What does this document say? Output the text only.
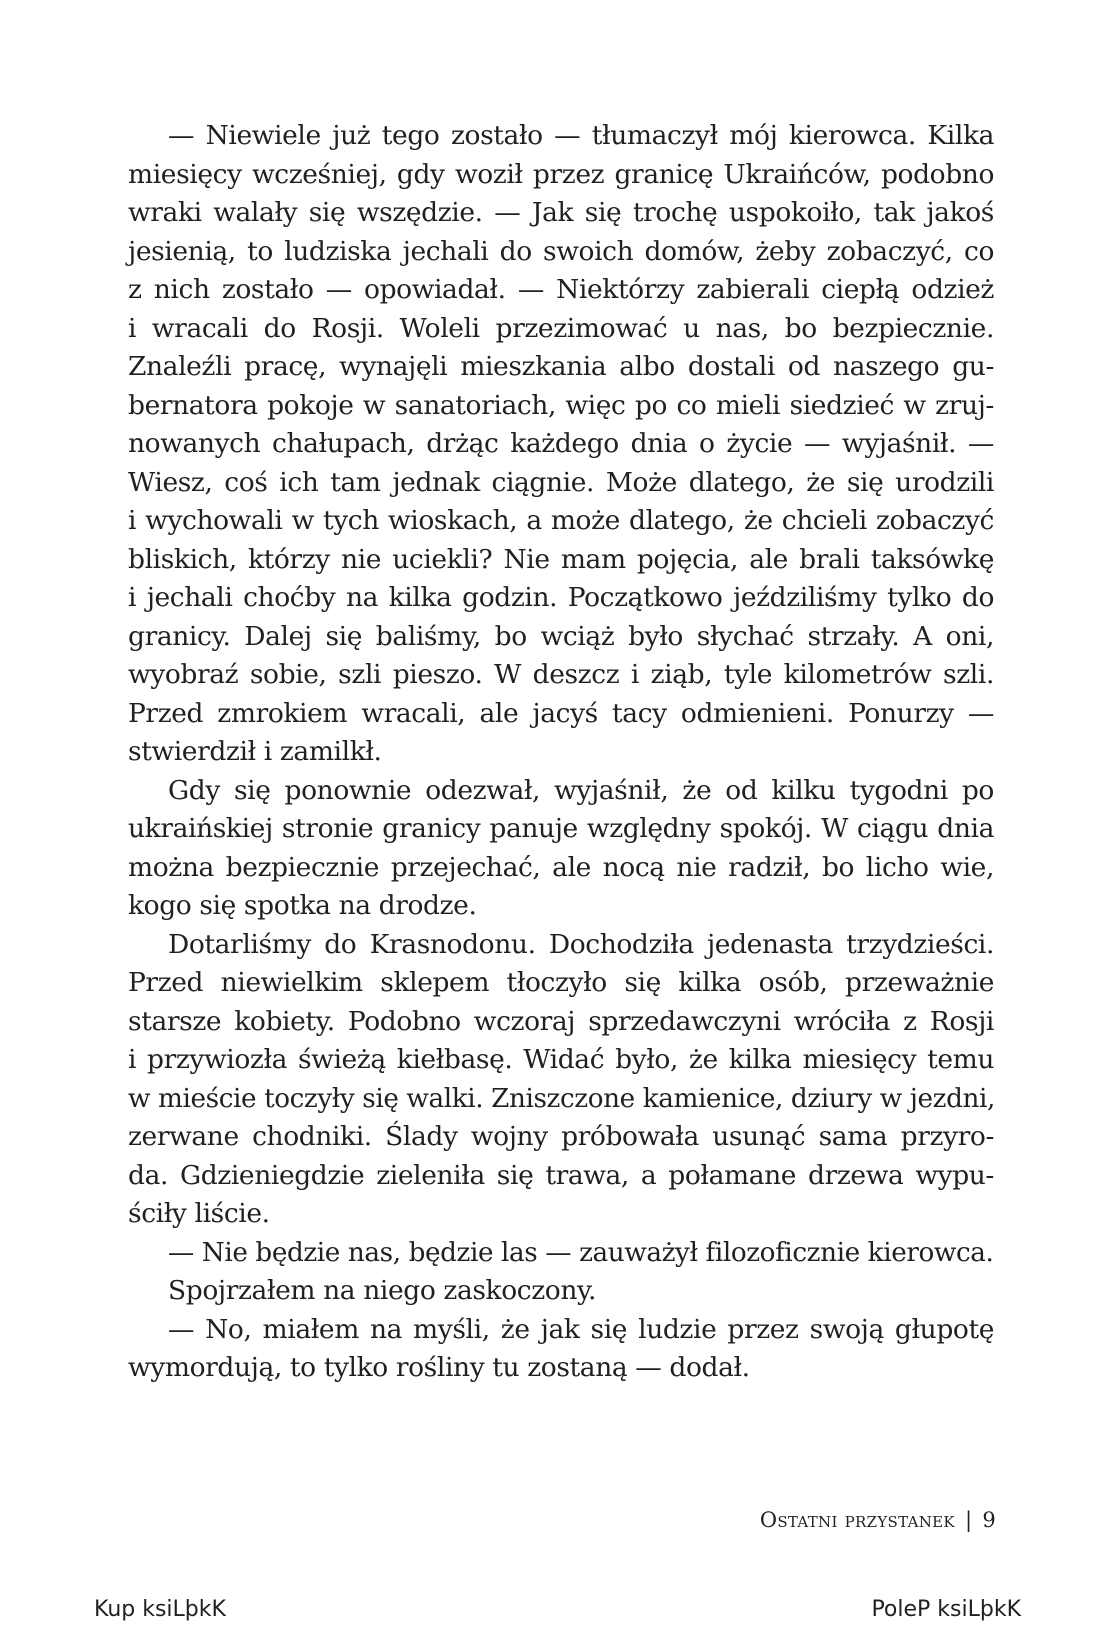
— Niewiele już tego zostało — tłumaczył mój kierowca. Kilka
miesięcy wcześniej, gdy woził przez granicę Ukraińców, podobno
wraki walały się wszędzie. — Jak się trochę uspokoiło, tak jakoś
jesienią, to ludziska jechali do swoich domów, żeby zobaczyć, co
z nich zostało — opowiadał. — Niektórzy zabierali ciepłą odzież
i wracali do Rosji. Woleli przezimować u nas, bo bezpiecznie.
Znaleźli pracę, wynajęli mieszkania albo dostali od naszego gu-
bernatora pokoje w sanatoriach, więc po co mieli siedzieć w zruj-
nowanych chałupach, drżąc każdego dnia o życie — wyjaśnił. —
Wiesz, coś ich tam jednak ciągnie. Może dlatego, że się urodzili
i wychowali w tych wioskach, a może dlatego, że chcieli zobaczyć
bliskich, którzy nie uciekli? Nie mam pojęcia, ale brali taksówkę
i jechali choćby na kilka godzin. Początkowo jeździliśmy tylko do
granicy. Dalej się baliśmy, bo wciąż było słychać strzały. A oni,
wyobraź sobie, szli pieszo. W deszcz i ziąb, tyle kilometrów szli.
Przed zmrokiem wracali, ale jacyś tacy odmienieni. Ponurzy —
stwierdził i zamilkł.
Gdy się ponownie odezwał, wyjaśnił, że od kilku tygodni po
ukraińskiej stronie granicy panuje względny spokój. W ciągu dnia
można bezpiecznie przejechać, ale nocą nie radził, bo licho wie,
kogo się spotka na drodze.
Dotarliśmy do Krasnodonu. Dochodziła jedenasta trzydzieści.
Przed niewielkim sklepem tłoczyło się kilka osób, przeważnie
starsze kobiety. Podobno wczoraj sprzedawczyni wróciła z Rosji
i przywiozła świeżą kiełbasę. Widać było, że kilka miesięcy temu
w mieście toczyły się walki. Zniszczone kamienice, dziury w jezdni,
zerwane chodniki. Ślady wojny próbowała usunąć sama przyro-
da. Gdzieniegdzie zieleniła się trawa, a połamane drzewa wypu-
ściły liście.
— Nie będzie nas, będzie las — zauważył filozoficznie kierowca.
Spojrzałem na niego zaskoczony.
— No, miałem na myśli, że jak się ludzie przez swoją głupotę
wymordują, to tylko rośliny tu zostaną — dodał.
Ostatni przystanek | 9
Kup ksiLþkK	PoleP ksiLþkK
